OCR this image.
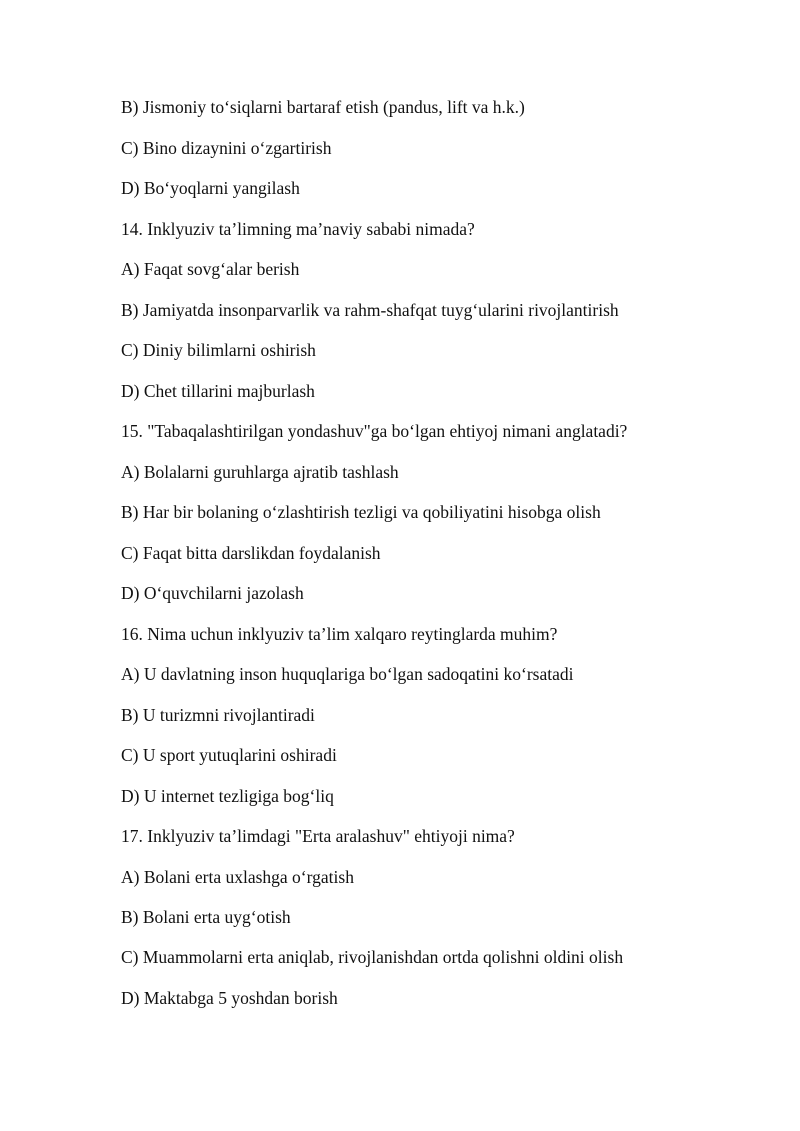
B) Jismoniy to‘siqlarni bartaraf etish (pandus, lift va h.k.)
C) Bino dizaynini o‘zgartirish
D) Bo‘yoqlarni yangilash
14. Inklyuziv ta’limning ma’naviy sababi nimada?
A) Faqat sovg‘alar berish
B) Jamiyatda insonparvarlik va rahm-shafqat tuyg‘ularini rivojlantirish
C) Diniy bilimlarni oshirish
D) Chet tillarini majburlash
15. "Tabaqalashtirilgan yondashuv"ga bo‘lgan ehtiyoj nimani anglatadi?
A) Bolalarni guruhlarga ajratib tashlash
B) Har bir bolaning o‘zlashtirish tezligi va qobiliyatini hisobga olish
C) Faqat bitta darslikdan foydalanish
D) O‘quvchilarni jazolash
16. Nima uchun inklyuziv ta’lim xalqaro reytinglarda muhim?
A) U davlatning inson huquqlariga bo‘lgan sadoqatini ko‘rsatadi
B) U turizmni rivojlantiradi
C) U sport yutuqlarini oshiradi
D) U internet tezligiga bog‘liq
17. Inklyuziv ta’limdagi "Erta aralashuv" ehtiyoji nima?
A) Bolani erta uxlashga o‘rgatish
B) Bolani erta uyg‘otish
C) Muammolarni erta aniqlab, rivojlanishdan ortda qolishni oldini olish
D) Maktabga 5 yoshdan borish
